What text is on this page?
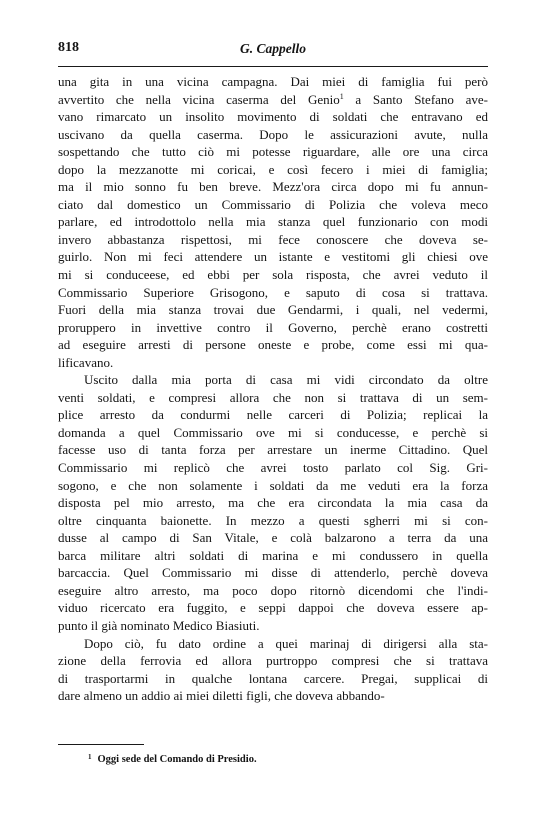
818	G. Cappello
una gita in una vicina campagna. Dai miei di famiglia fui però
avvertito che nella vicina caserma del Genio$^1$ a Santo Stefano ave-
vano rimarcato un insolito movimento di soldati che entravano ed
uscivano da quella caserma. Dopo le assicurazioni avute, nulla
sospettando che tutto ciò mi potesse riguardare, alle ore una circa
dopo la mezzanotte mi coricai, e così fecero i miei di famiglia;
ma il mio sonno fu ben breve. Mezz'ora circa dopo mi fu annun-
ciato dal domestico un Commissario di Polizia che voleva meco
parlare, ed introdottolo nella mia stanza quel funzionario con modi
invero abbastanza rispettosi, mi fece conoscere che doveva se-
guirlo. Non mi feci attendere un istante e vestitomi gli chiesi ove
mi si conduceese, ed ebbi per sola risposta, che avrei veduto il
Commissario Superiore Grisogono, e saputo di cosa si trattava.
Fuori della mia stanza trovai due Gendarmi, i quali, nel vedermi,
proruppero in invettive contro il Governo, perchè erano costretti
ad eseguire arresti di persone oneste e probe, come essi mi qua-
lificavano.
Uscito dalla mia porta di casa mi vidi circondato da oltre
venti soldati, e compresi allora che non si trattava di un sem-
plice arresto da condurmi nelle carceri di Polizia; replicai la
domanda a quel Commissario ove mi si conducesse, e perchè si
facesse uso di tanta forza per arrestare un inerme Cittadino. Quel
Commissario mi replicò che avrei tosto parlato col Sig. Gri-
sogono, e che non solamente i soldati da me veduti era la forza
disposta pel mio arresto, ma che era circondata la mia casa da
oltre cinquanta baionette. In mezzo a questi sgherri mi si con-
dusse al campo di San Vitale, e colà balzarono a terra da una
barca militare altri soldati di marina e mi condussero in quella
barcaccia. Quel Commissario mi disse di attenderlo, perchè doveva
eseguire altro arresto, ma poco dopo ritornò dicendomi che l'indi-
viduo ricercato era fuggito, e seppi dappoi che doveva essere ap-
punto il già nominato Medico Biasiuti.
Dopo ciò, fu dato ordine a quei marinaj di dirigersi alla sta-
zione della ferrovia ed allora purtroppo compresi che si trattava
di trasportarmi in qualche lontana carcere. Pregai, supplicai di
dare almeno un addio ai miei diletti figli, che doveva abbando-
$^1$ Oggi sede del Comando di Presidio.
